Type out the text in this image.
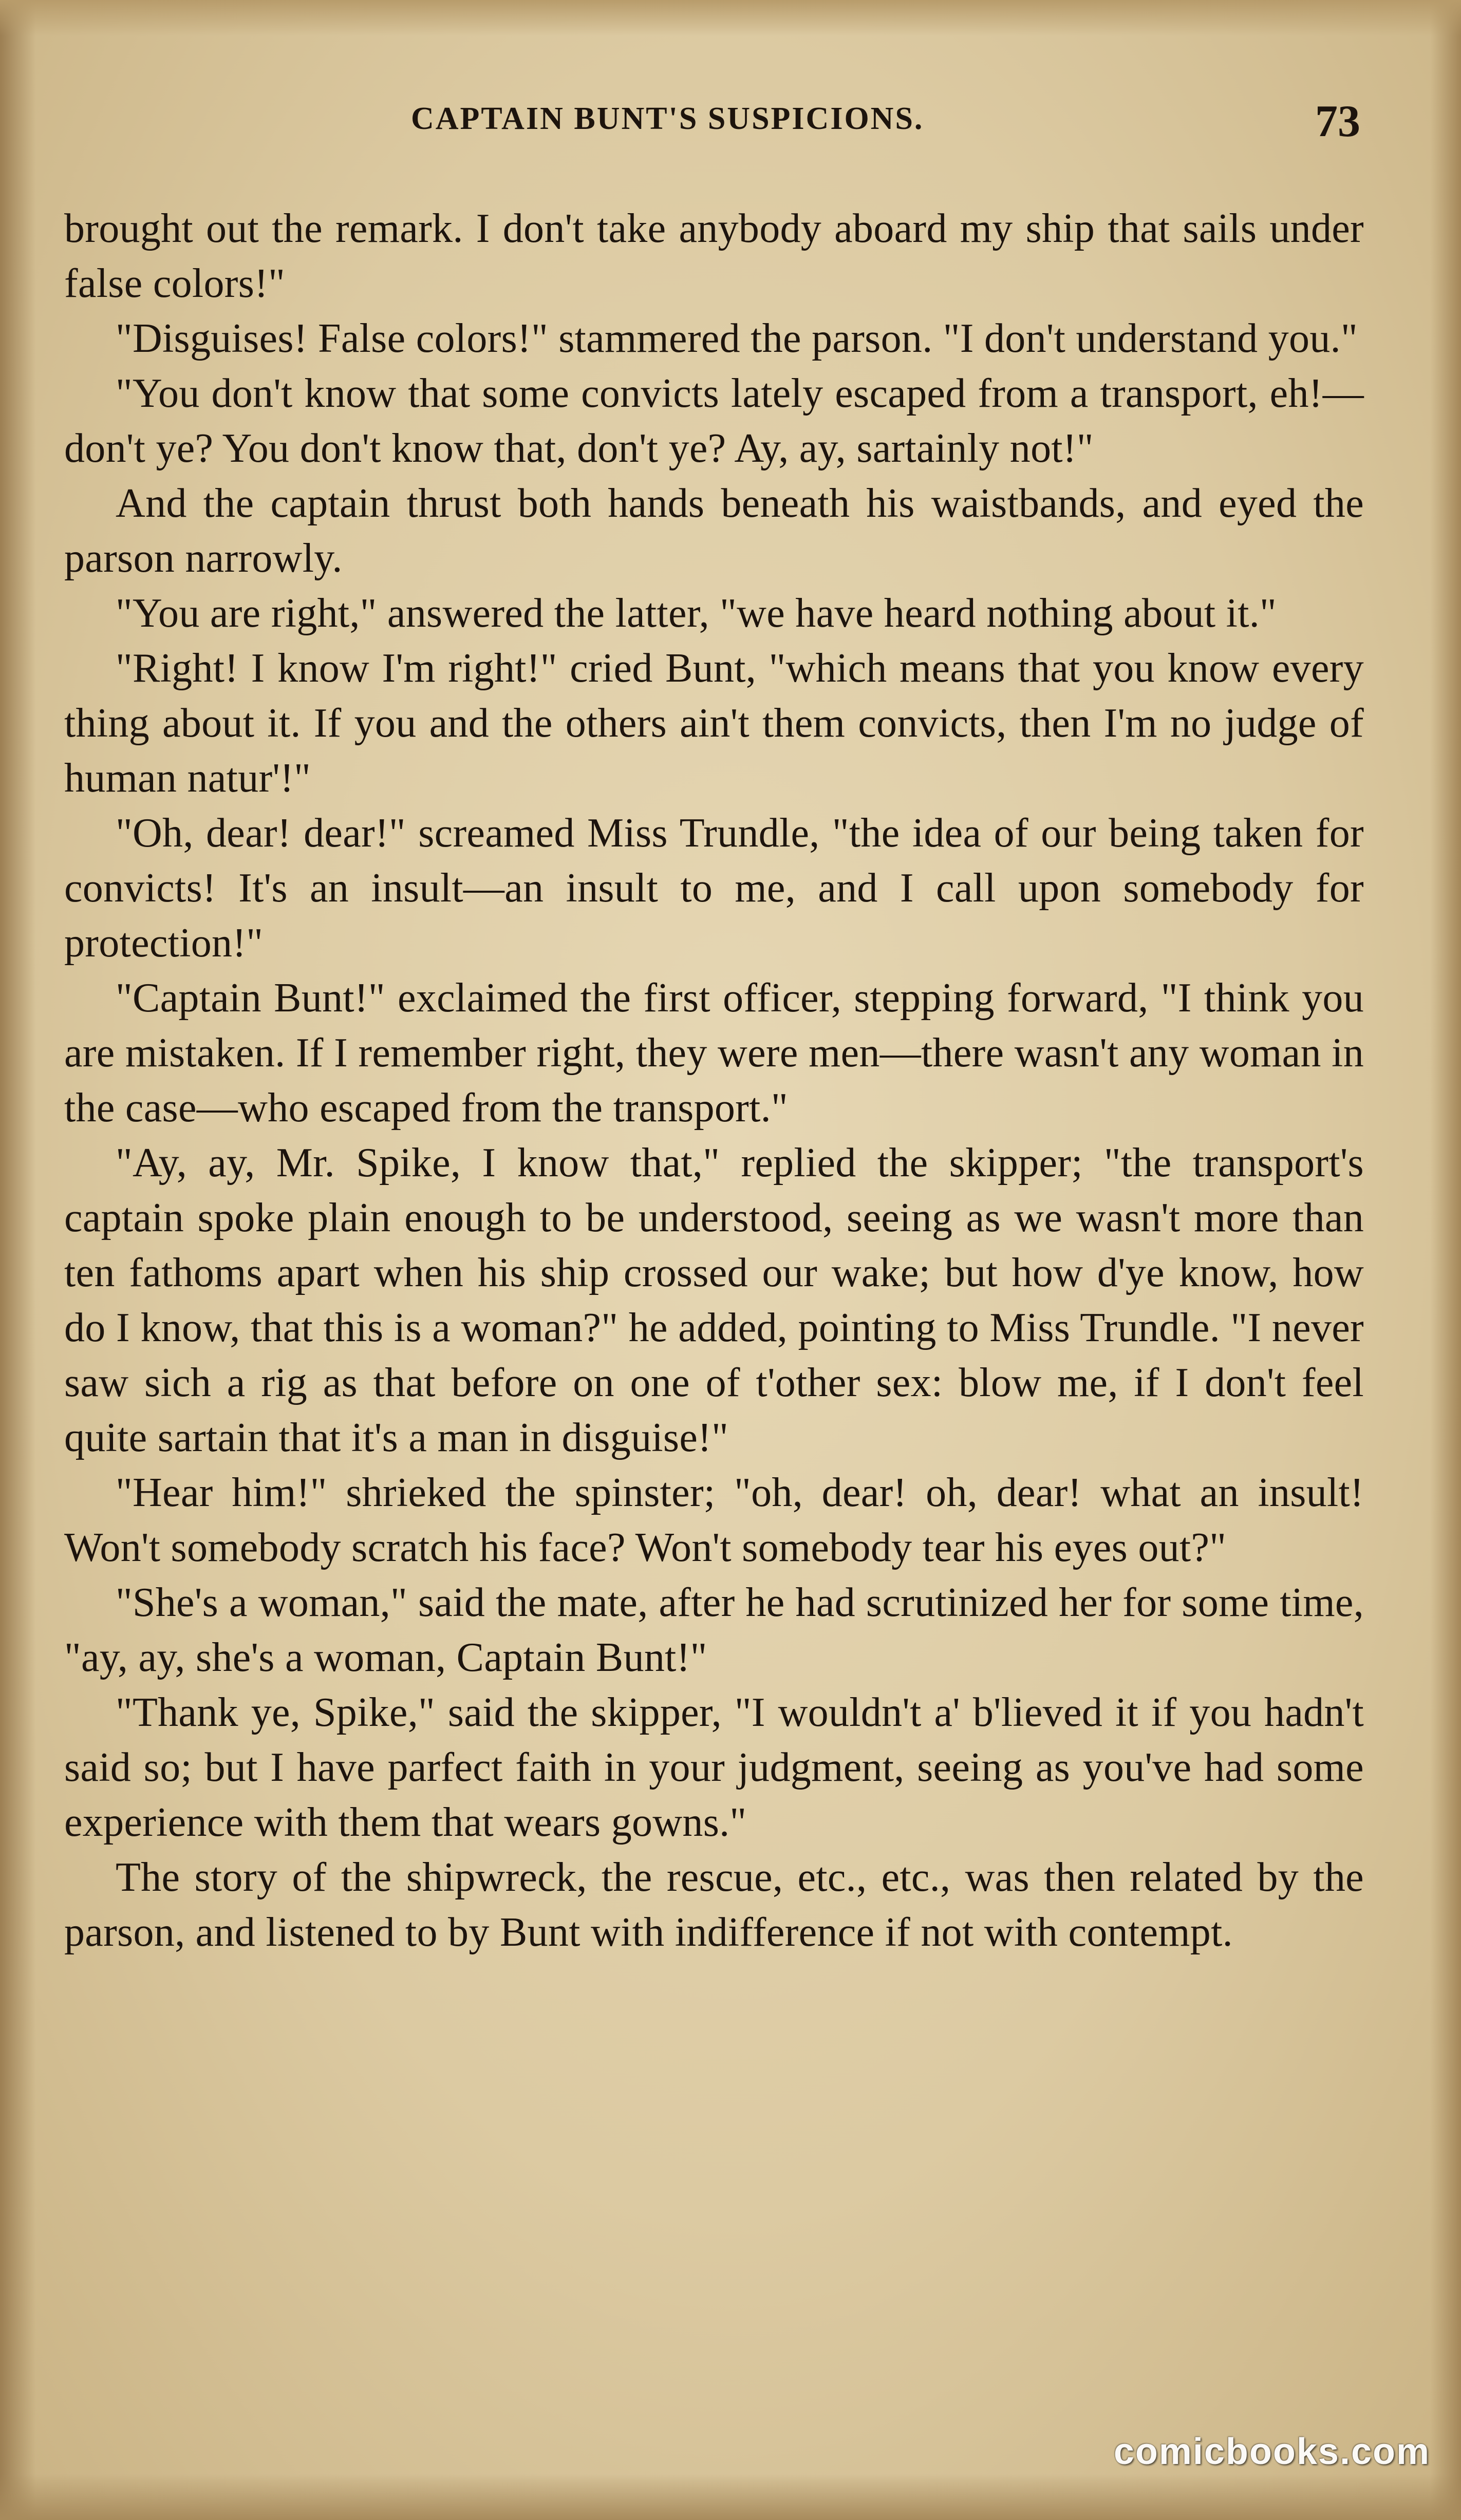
CAPTAIN BUNT'S SUSPICIONS.	73

brought out the remark. I don't take anybody aboard my ship that sails under false colors!"

"Disguises! False colors!" stammered the parson. "I don't understand you."

"You don't know that some convicts lately escaped from a transport, eh!—don't ye? You don't know that, don't ye? Ay, ay, sartainly not!"

And the captain thrust both hands beneath his waistbands, and eyed the parson narrowly.

"You are right," answered the latter, "we have heard nothing about it."

"Right! I know I'm right!" cried Bunt, "which means that you know every thing about it. If you and the others ain't them convicts, then I'm no judge of human natur'!"

"Oh, dear! dear!" screamed Miss Trundle, "the idea of our being taken for convicts! It's an insult—an insult to me, and I call upon somebody for protection!"

"Captain Bunt!" exclaimed the first officer, stepping forward, "I think you are mistaken. If I remember right, they were men—there wasn't any woman in the case—who escaped from the transport."

"Ay, ay, Mr. Spike, I know that," replied the skipper; "the transport's captain spoke plain enough to be understood, seeing as we wasn't more than ten fathoms apart when his ship crossed our wake; but how d'ye know, how do I know, that this is a woman?" he added, pointing to Miss Trundle. "I never saw sich a rig as that before on one of t'other sex: blow me, if I don't feel quite sartain that it's a man in disguise!"

"Hear him!" shrieked the spinster; "oh, dear! oh, dear! what an insult! Won't somebody scratch his face? Won't somebody tear his eyes out?"

"She's a woman," said the mate, after he had scrutinized her for some time, "ay, ay, she's a woman, Captain Bunt!"

"Thank ye, Spike," said the skipper, "I wouldn't a' b'lieved it if you hadn't said so; but I have parfect faith in your judgment, seeing as you've had some experience with them that wears gowns."

The story of the shipwreck, the rescue, etc., etc., was then related by the parson, and listened to by Bunt with indifference if not with contempt.

comicbooks.com
